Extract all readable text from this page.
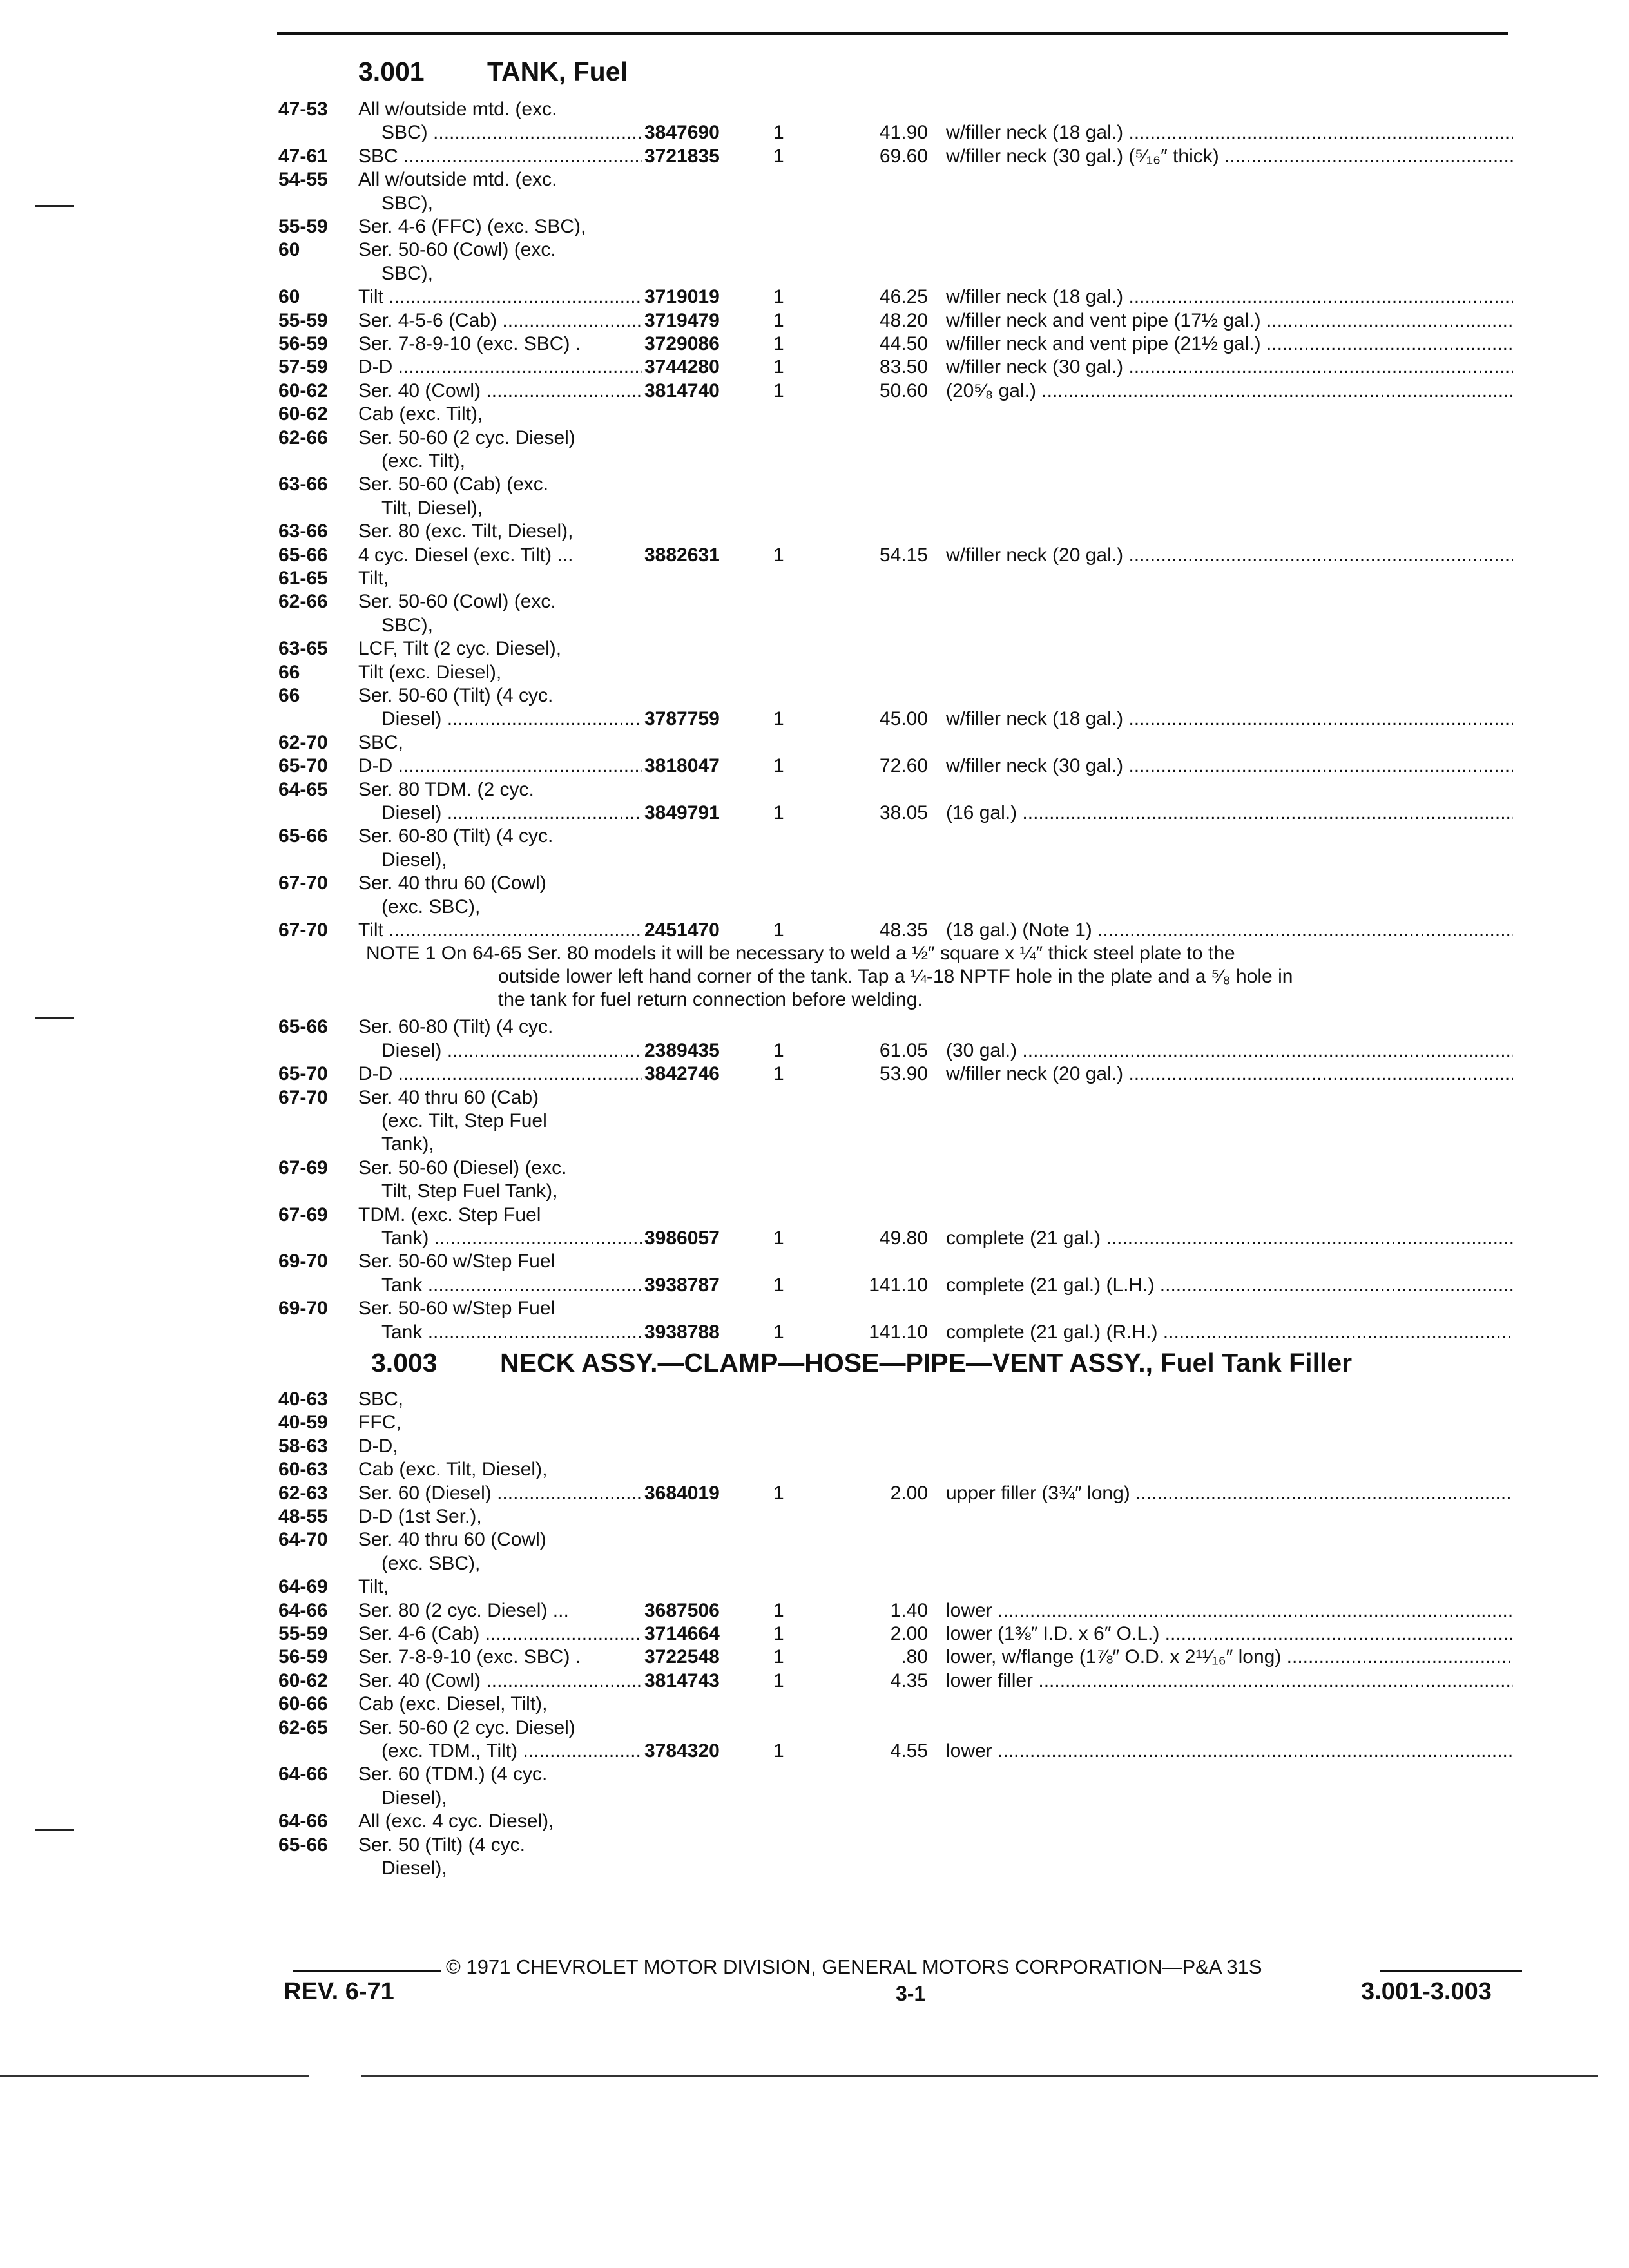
3.001 TANK, Fuel
47-53 All w/outside mtd. (exc.
SBC) .....	3847690	1	41.90 w/filler neck (18 gal.) .....
47-61 SBC .....	3721835	1	69.60 w/filler neck (30 gal.) (⁵⁄₁₆″ thick) .....
54-55 All w/outside mtd. (exc.
SBC),
55-59 Ser. 4-6 (FFC) (exc. SBC),
60	Ser. 50-60 (Cowl) (exc.
SBC),
60	Tilt .....	3719019	1	46.25 w/filler neck (18 gal.) .....
55-59 Ser. 4-5-6 (Cab) .....	3719479	1	48.20 w/filler neck and vent pipe (17½ gal.) .....
56-59 Ser. 7-8-9-10 (exc. SBC) .	3729086	1	44.50 w/filler neck and vent pipe (21½ gal.) .....
57-59 D-D .....	3744280	1	83.50 w/filler neck (30 gal.) .....
60-62 Ser. 40 (Cowl) .....	3814740	1	50.60 (20⁵⁄₈ gal.) .....
60-62 Cab (exc. Tilt),
62-66 Ser. 50-60 (2 cyc. Diesel)
(exc. Tilt),
63-66 Ser. 50-60 (Cab) (exc.
Tilt, Diesel),
63-66 Ser. 80 (exc. Tilt, Diesel),
65-66 4 cyc. Diesel (exc. Tilt) ...	3882631	1	54.15 w/filler neck (20 gal.) .....
61-65 Tilt,
62-66 Ser. 50-60 (Cowl) (exc.
SBC),
63-65 LCF, Tilt (2 cyc. Diesel),
66	Tilt (exc. Diesel),
66	Ser. 50-60 (Tilt) (4 cyc.
Diesel) .....	3787759	1	45.00 w/filler neck (18 gal.) .....
62-70 SBC,
65-70 D-D .....	3818047	1	72.60 w/filler neck (30 gal.) .....
64-65 Ser. 80 TDM. (2 cyc.
Diesel) .....	3849791	1	38.05 (16 gal.) .....
65-66 Ser. 60-80 (Tilt) (4 cyc.
Diesel),
67-70 Ser. 40 thru 60 (Cowl)
(exc. SBC),
67-70 Tilt .....	2451470	1	48.35 (18 gal.) (Note 1) .....
NOTE 1 On 64-65 Ser. 80 models it will be necessary to weld a ½″ square x ¼″ thick steel plate to the
outside lower left hand corner of the tank. Tap a ¼-18 NPTF hole in the plate and a ⁵⁄₈ hole in
the tank for fuel return connection before welding.
65-66 Ser. 60-80 (Tilt) (4 cyc.
Diesel) .....	2389435	1	61.05 (30 gal.) .....
65-70 D-D .....	3842746	1	53.90 w/filler neck (20 gal.) .....
67-70 Ser. 40 thru 60 (Cab)
(exc. Tilt, Step Fuel
Tank),
67-69 Ser. 50-60 (Diesel) (exc.
Tilt, Step Fuel Tank),
67-69 TDM. (exc. Step Fuel
Tank) .....	3986057	1	49.80 complete (21 gal.) .....
69-70 Ser. 50-60 w/Step Fuel
Tank .....	3938787	1	141.10 complete (21 gal.) (L.H.) .....
69-70 Ser. 50-60 w/Step Fuel
Tank .....	3938788	1	141.10 complete (21 gal.) (R.H.) .....
3.003 NECK ASSY.—CLAMP—HOSE—PIPE—VENT ASSY., Fuel Tank Filler
40-63 SBC,
40-59 FFC,
58-63 D-D,
60-63 Cab (exc. Tilt, Diesel),
62-63 Ser. 60 (Diesel) .....	3684019	1	2.00 upper filler (3¾″ long) .....
48-55 D-D (1st Ser.),
64-70 Ser. 40 thru 60 (Cowl)
(exc. SBC),
64-69 Tilt,
64-66 Ser. 80 (2 cyc. Diesel) ...	3687506	1	1.40 lower .....
55-59 Ser. 4-6 (Cab) .....	3714664	1	2.00 lower (1⅜″ I.D. x 6″ O.L.) .....
56-59 Ser. 7-8-9-10 (exc. SBC) .	3722548	1	.80 lower, w/flange (1⅞″ O.D. x 2¹¹⁄₁₆″ long) .....
60-62 Ser. 40 (Cowl) .....	3814743	1	4.35 lower filler .....
60-66 Cab (exc. Diesel, Tilt),
62-65 Ser. 50-60 (2 cyc. Diesel)
(exc. TDM., Tilt) .....	3784320	1	4.55 lower .....
64-66 Ser. 60 (TDM.) (4 cyc.
Diesel),
64-66 All (exc. 4 cyc. Diesel),
65-66 Ser. 50 (Tilt) (4 cyc.
Diesel),
© 1971 CHEVROLET MOTOR DIVISION, GENERAL MOTORS CORPORATION—P&A 31S
REV. 6-71	3-1	3.001-3.003
